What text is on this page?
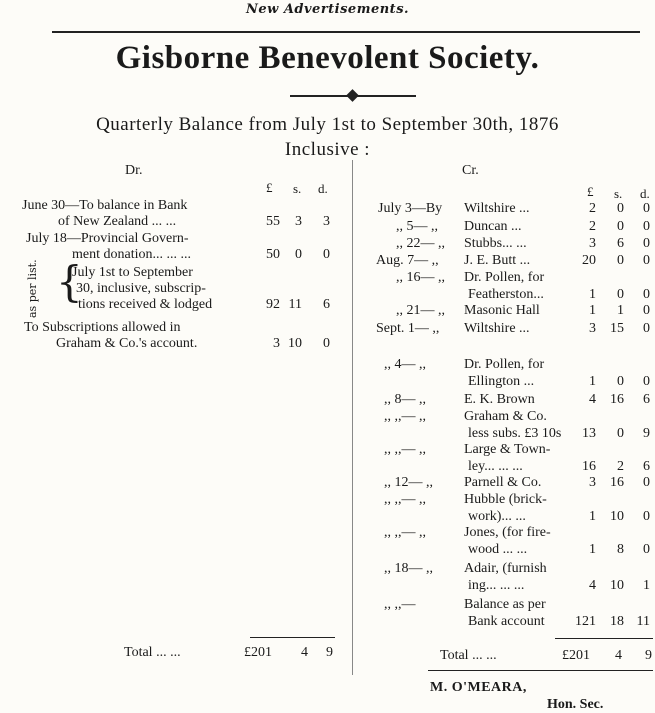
New Advertisements.
Gisborne Benevolent Society.
Quarterly Balance from July 1st to September 30th, 1876
Inclusive :
Dr.
£ s. d.
June 30—To balance in Bank
of New Zealand ... ...	55	3	3
July 18—Provincial Govern-
ment donation... ... ...	50	0	0
July 1st to September
30, inclusive, subscrip-
tions received & lodged	92 11	6
To Subscriptions allowed in
Graham & Co.'s account.	3 10	0
{
as per list.
Total ... ...	£201	4	9
Cr.
£ s. d.
July 3—By Wiltshire ...	2	0	0
,, 5— ,, Duncan ...	2	0	0
,, 22— ,, Stubbs... ...	3	6	0
Aug. 7— ,, J. E. Butt ...	20	0	0
,, 16— ,, Dr. Pollen, for
Featherston...	1	0	0
,, 21— ,, Masonic Hall	1	1	0
Sept. 1— ,, Wiltshire ...	3	15	0
,, 4— ,,	Dr. Pollen, for
Ellington ...	1	0	0
,, 8— ,,	E. K. Brown	4	16	6
,, ,,— ,,	Graham & Co.
less subs. £3 10s	13	0	9
,, ,,— ,,	Large & Town-
ley... ... ...	16	2	6
,, 12— ,, Parnell & Co.	3	16	0
,, ,,— ,,	Hubble (brick-
work)... ...	1	10	0
,, ,,— ,,	Jones, (for fire-
wood ... ...	1	8	0
,, 18— ,, Adair, (furnish
ing... ... ...	4	10	1
,, ,,—	Balance as per
Bank account	121	18 11
Total ... ...	£201	4	9
M. O'MEARA,
Hon. Sec.
